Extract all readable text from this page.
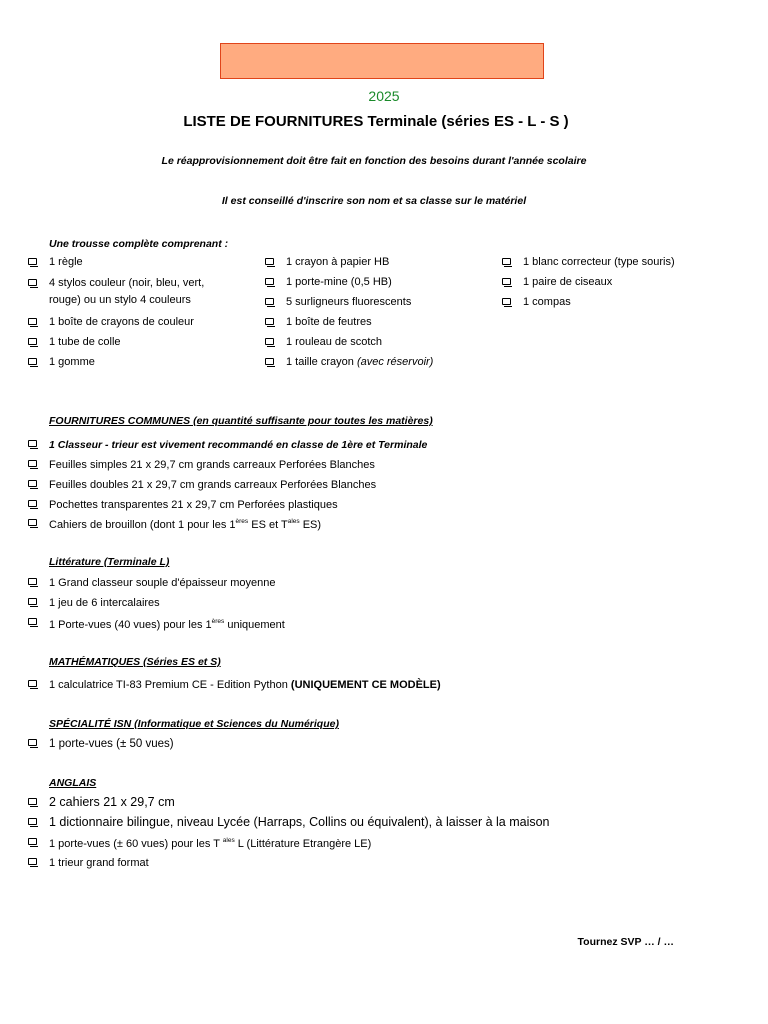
2025
LISTE DE FOURNITURES Terminale (séries ES - L - S )
Le réapprovisionnement doit être fait en fonction des besoins durant l'année scolaire
Il est conseillé d'inscrire son nom et sa classe sur le matériel
Une trousse complète comprenant :
1 règle
4 stylos couleur (noir, bleu, vert, rouge) ou un stylo 4 couleurs
1 boîte de crayons de couleur
1 tube de colle
1 gomme
1 crayon à papier HB
1 porte-mine (0,5 HB)
5 surligneurs fluorescents
1 boîte de feutres
1 rouleau de scotch
1 taille crayon (avec réservoir)
1 blanc correcteur (type souris)
1 paire de ciseaux
1 compas
FOURNITURES COMMUNES (en quantité suffisante pour toutes les matières)
1 Classeur - trieur est vivement recommandé en classe de 1ère et Terminale
Feuilles simples 21 x 29,7 cm grands carreaux Perforées Blanches
Feuilles doubles 21 x 29,7 cm grands carreaux Perforées Blanches
Pochettes transparentes 21 x 29,7 cm Perforées plastiques
Cahiers de brouillon (dont 1 pour les 1ères ES et $T^{ales}$ ES)
Littérature (Terminale L)
1 Grand classeur souple d'épaisseur moyenne
1 jeu de 6 intercalaires
1 Porte-vues (40 vues) pour les 1ères uniquement
MATHÉMATIQUES (Séries ES et S)
1 calculatrice TI-83 Premium CE - Edition Python (UNIQUEMENT CE MODÈLE)
SPÉCIALITÉ ISN (Informatique et Sciences du Numérique)
1 porte-vues (± 50 vues)
ANGLAIS
2 cahiers 21 x 29,7 cm
1 dictionnaire bilingue, niveau Lycée (Harraps, Collins ou équivalent), à laisser à la maison
1 porte-vues (± 60 vues) pour les T $^{ales}$ L (Littérature Etrangère LE)
1 trieur grand format
Tournez SVP … / …
